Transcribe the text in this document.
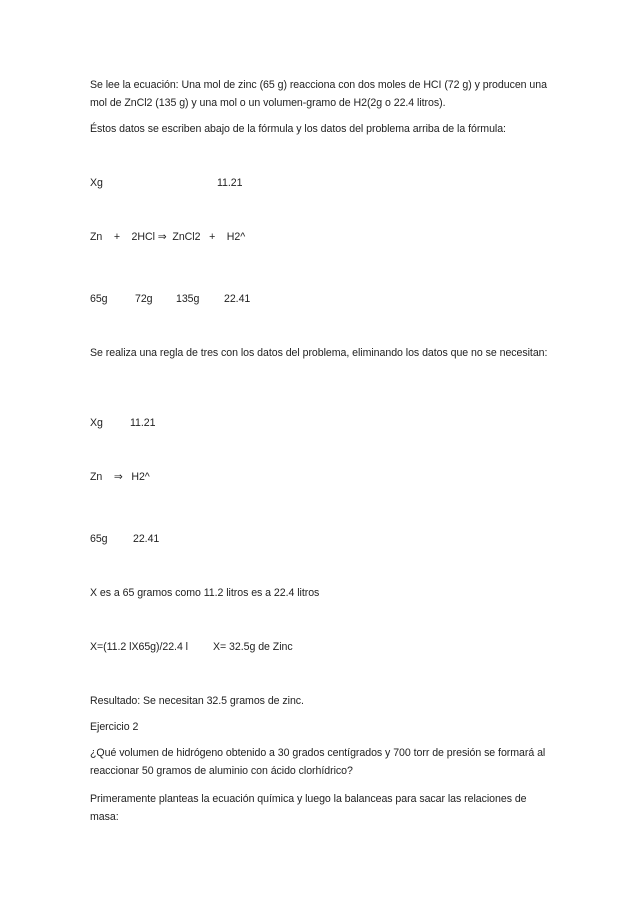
Se lee la ecuación: Una mol de zinc (65 g) reacciona con dos moles de HCI (72 g) y producen una mol de ZnCl2 (135 g) y una mol o un volumen-gramo de H2(2g o 22.4 litros).
Éstos datos se escriben abajo de la fórmula y los datos del problema arriba de la fórmula:
Xg	11.21
Zn    +    2HCl ⇒  ZnCl2   +    H2^
65g	72g 135g 22.41
Se realiza una regla de tres con los datos del problema, eliminando los datos que no se necesitan:
Xg	11.21
Zn    ⇒   H2^
65g 22.41
X es a 65 gramos como 11.2 litros es a 22.4 litros
X=(11.2 lX65g)/22.4 l X= 32.5g de Zinc
Resultado: Se necesitan 32.5 gramos de zinc.
Ejercicio 2
¿Qué volumen de hidrógeno obtenido a 30 grados centígrados y 700 torr de presión se formará al reaccionar 50 gramos de aluminio con ácido clorhídrico?
Primeramente planteas la ecuación química y luego la balanceas para sacar las relaciones de masa:
